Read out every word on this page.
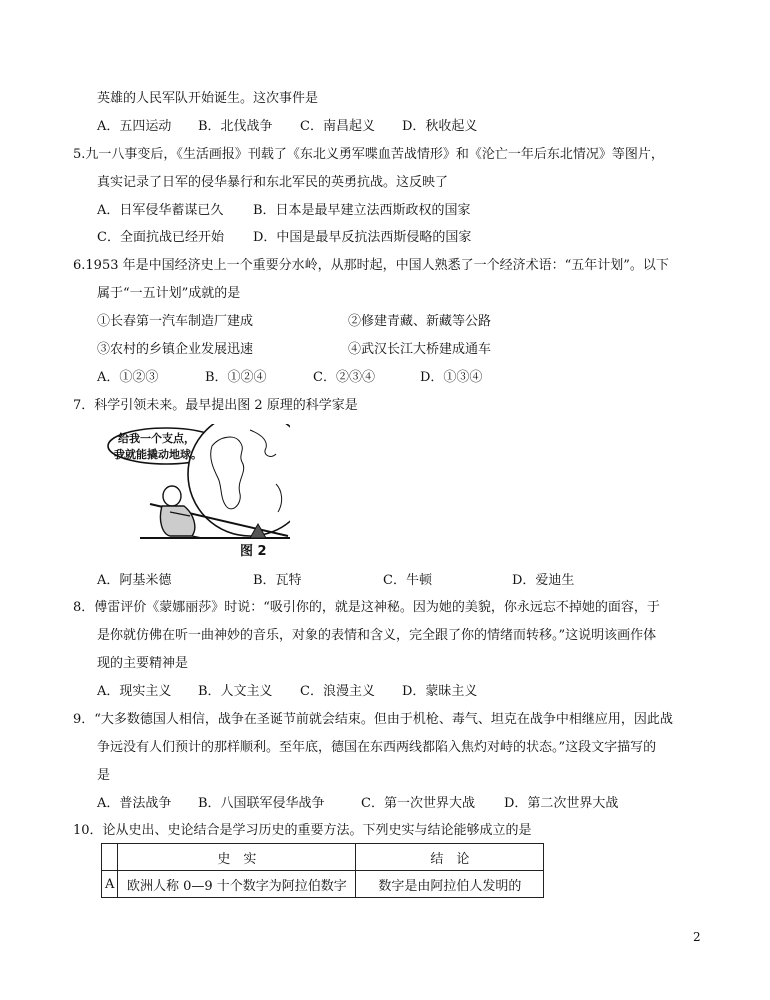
英雄的人民军队开始诞生。这次事件是
A．五四运动 B．北伐战争 C．南昌起义 D．秋收起义
5.九一八事变后，《生活画报》刊载了《东北义勇军喋血苦战情形》和《沦亡一年后东北情况》等图片，
真实记录了日军的侵华暴行和东北军民的英勇抗战。这反映了
A．日军侵华蓄谋已久 B．日本是最早建立法西斯政权的国家
C．全面抗战已经开始 D．中国是最早反抗法西斯侵略的国家
6.1953 年是中国经济史上一个重要分水岭，从那时起，中国人熟悉了一个经济术语：“五年计划”。以下
属于“一五计划”成就的是
①长春第一汽车制造厂建成	②修建青藏、新藏等公路
③农村的乡镇企业发展迅速	④武汉长江大桥建成通车
A．①②③	B．①②④	C．②③④	D．①③④
7．科学引领未来。最早提出图 2 原理的科学家是
给我一个支点，
我就能撬动地球。
图 2
A．阿基米德	B．瓦特	C．牛顿	D．爱迪生
8．傅雷评价《蒙娜丽莎》时说：“吸引你的，就是这神秘。因为她的美貌，你永远忘不掉她的面容，于
是你就仿佛在听一曲神妙的音乐，对象的表情和含义，完全跟了你的情绪而转移。”这说明该画作体
现的主要精神是
A．现实主义 B．人文主义 C．浪漫主义 D．蒙昧主义
9．“大多数德国人相信，战争在圣诞节前就会结束。但由于机枪、毒气、坦克在战争中相继应用，因此战
争远没有人们预计的那样顺利。至年底，德国在东西两线都陷入焦灼对峙的状态。”这段文字描写的
是
A．普法战争 B．八国联军侵华战争	C．第一次世界大战 D．第二次世界大战
10．论从史出、史论结合是学习历史的重要方法。下列史实与结论能够成立的是
	史　实	结　论
A	欧洲人称 0—9 十个数字为阿拉伯数字	数字是由阿拉伯人发明的
2
